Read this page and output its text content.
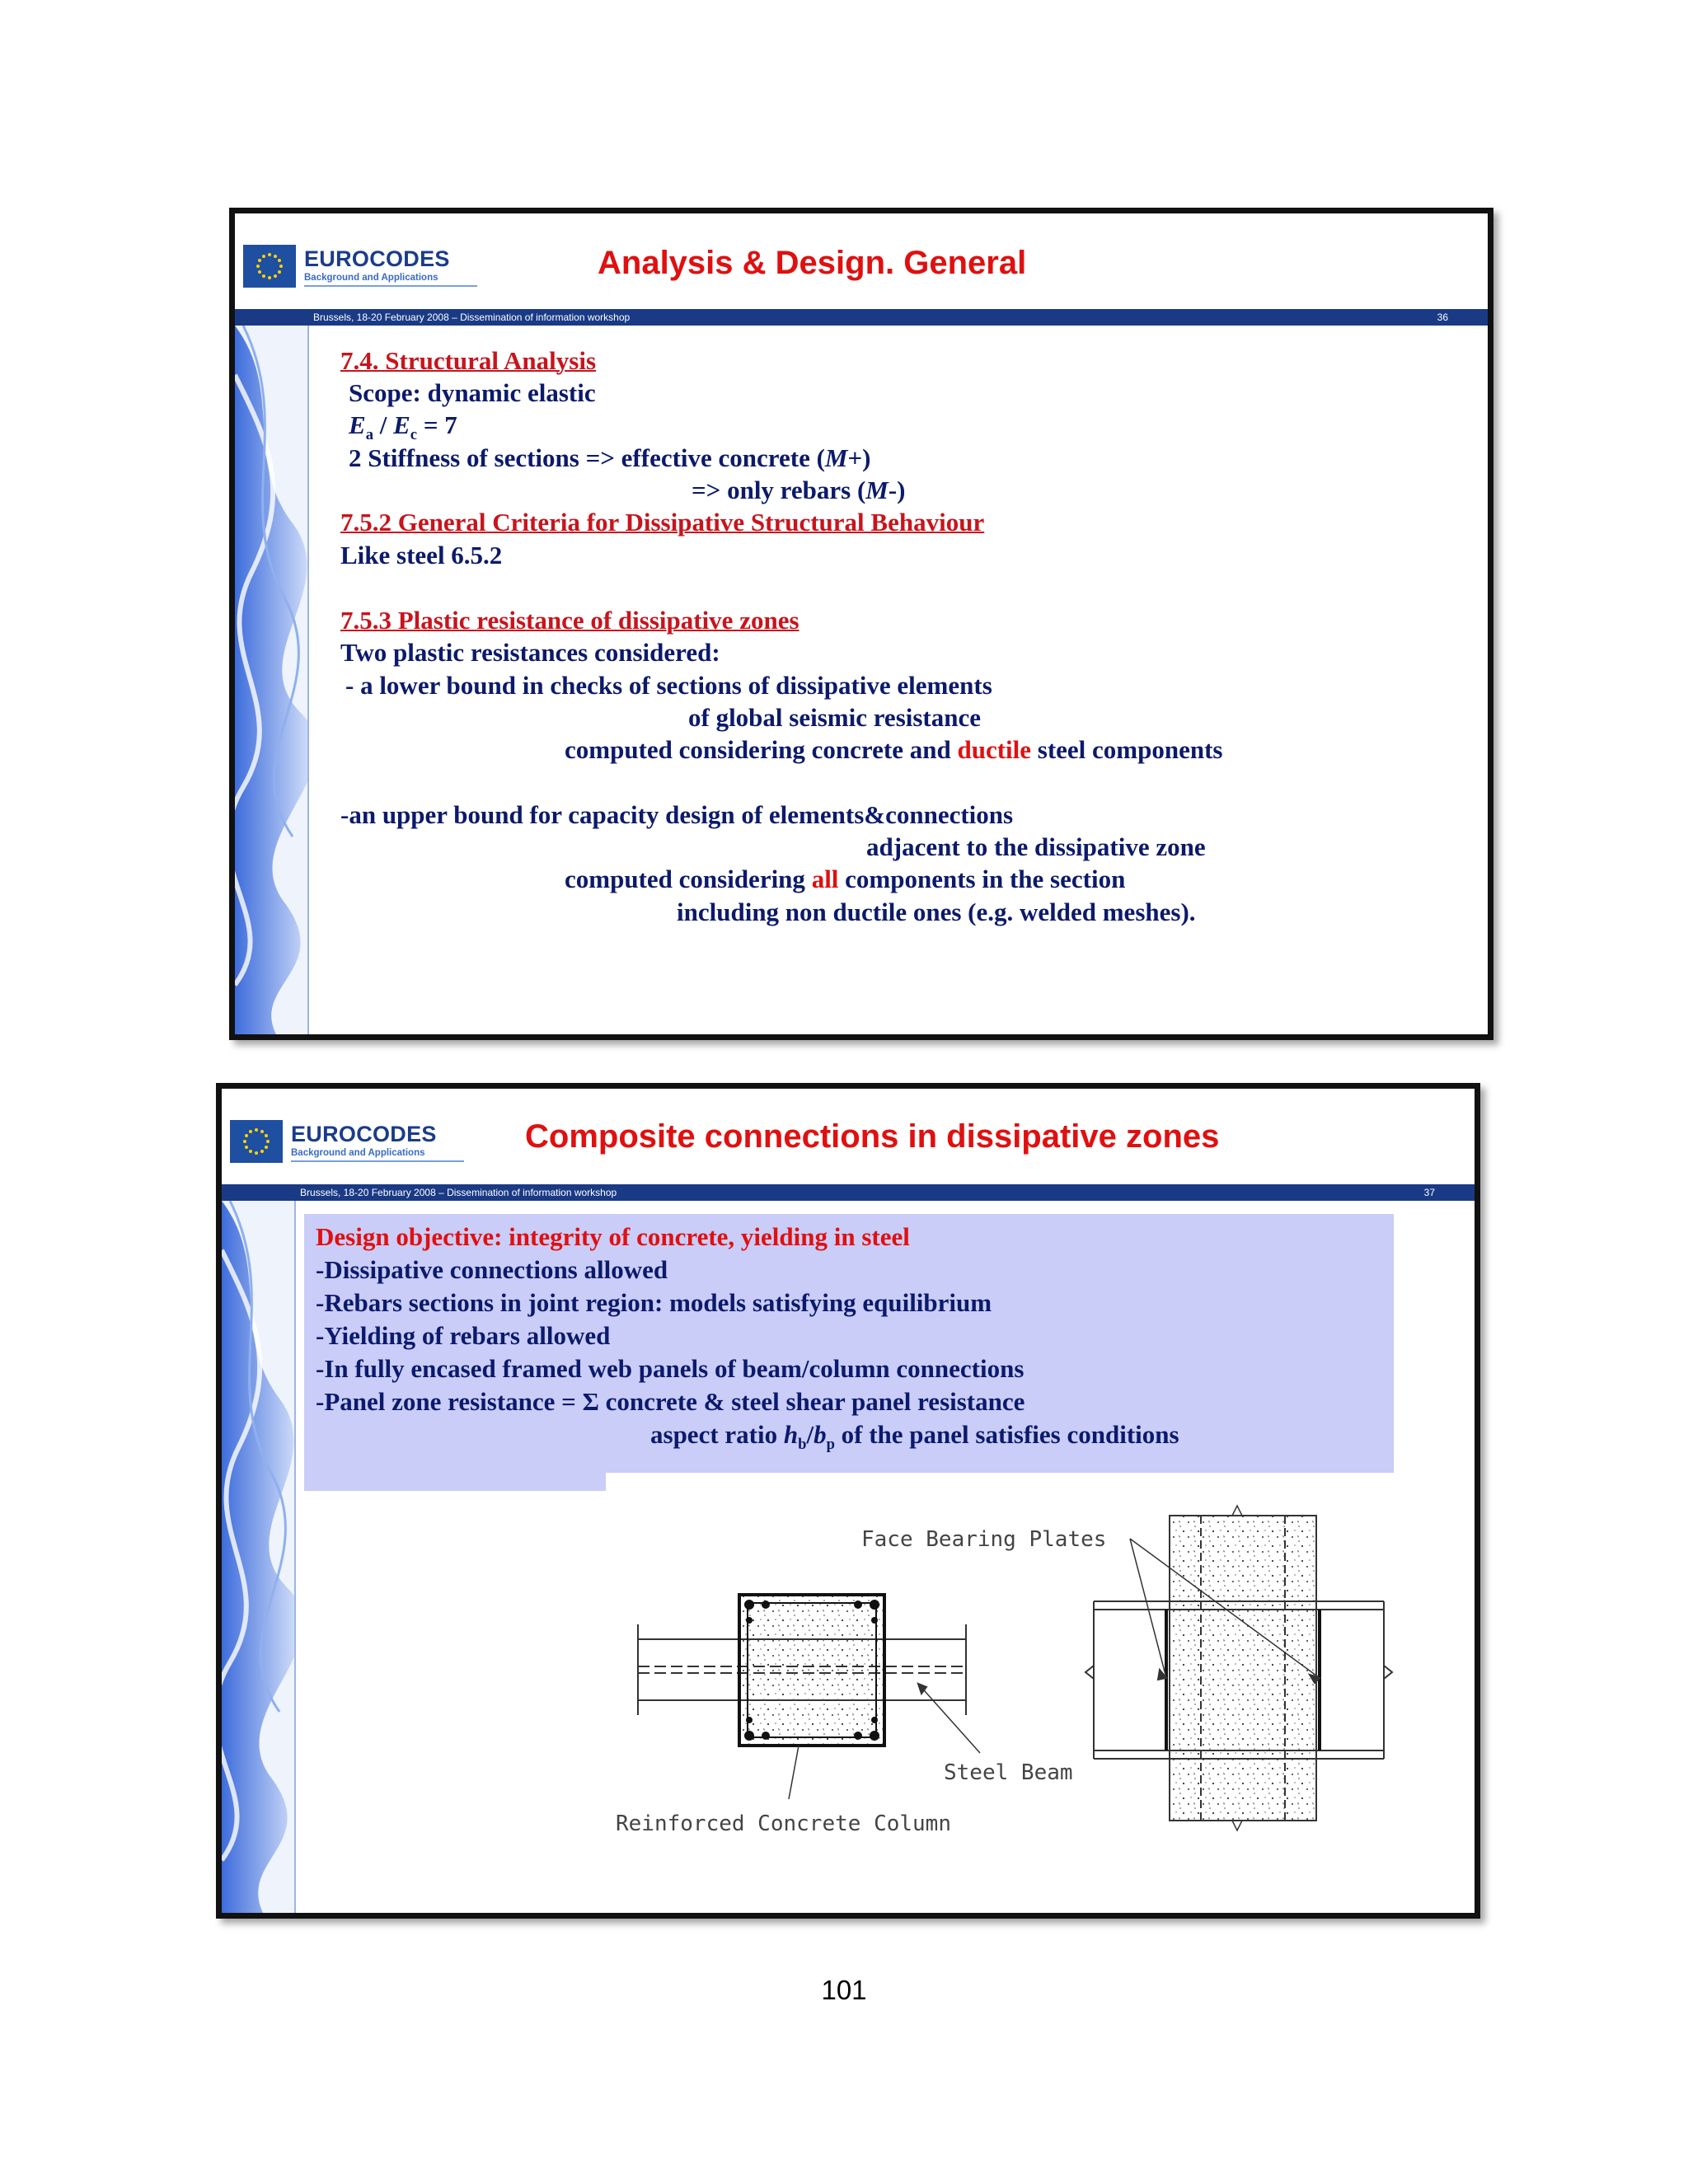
EUROCODES
Background and Applications	Analysis & Design. General
Brussels, 18-20 February 2008 – Dissemination of information workshop	36
7.4. Structural Analysis
Scope: dynamic elastic
$E_a / E_c = 7$
2 Stiffness of sections => effective concrete (M+)
=> only rebars (M-)
7.5.2 General Criteria for Dissipative Structural Behaviour
Like steel 6.5.2
7.5.3 Plastic resistance of dissipative zones
Two plastic resistances considered:
- a lower bound in checks of sections of dissipative elements
of global seismic resistance
computed considering concrete and ductile steel components
-an upper bound for capacity design of elements&connections
adjacent to the dissipative zone
computed considering all components in the section
including non ductile ones (e.g. welded meshes).
EUROCODES
Background and Applications	Composite connections in dissipative zones
Brussels, 18-20 February 2008 – Dissemination of information workshop	37
Design objective: integrity of concrete, yielding in steel
-Dissipative connections allowed
-Rebars sections in joint region: models satisfying equilibrium
-Yielding of rebars allowed
-In fully encased framed web panels of beam/column connections
-Panel zone resistance = Σ concrete & steel shear panel resistance
aspect ratio $h_b/b_p$ of the panel satisfies conditions
Face Bearing Plates
Steel Beam
Reinforced Concrete Column
101
